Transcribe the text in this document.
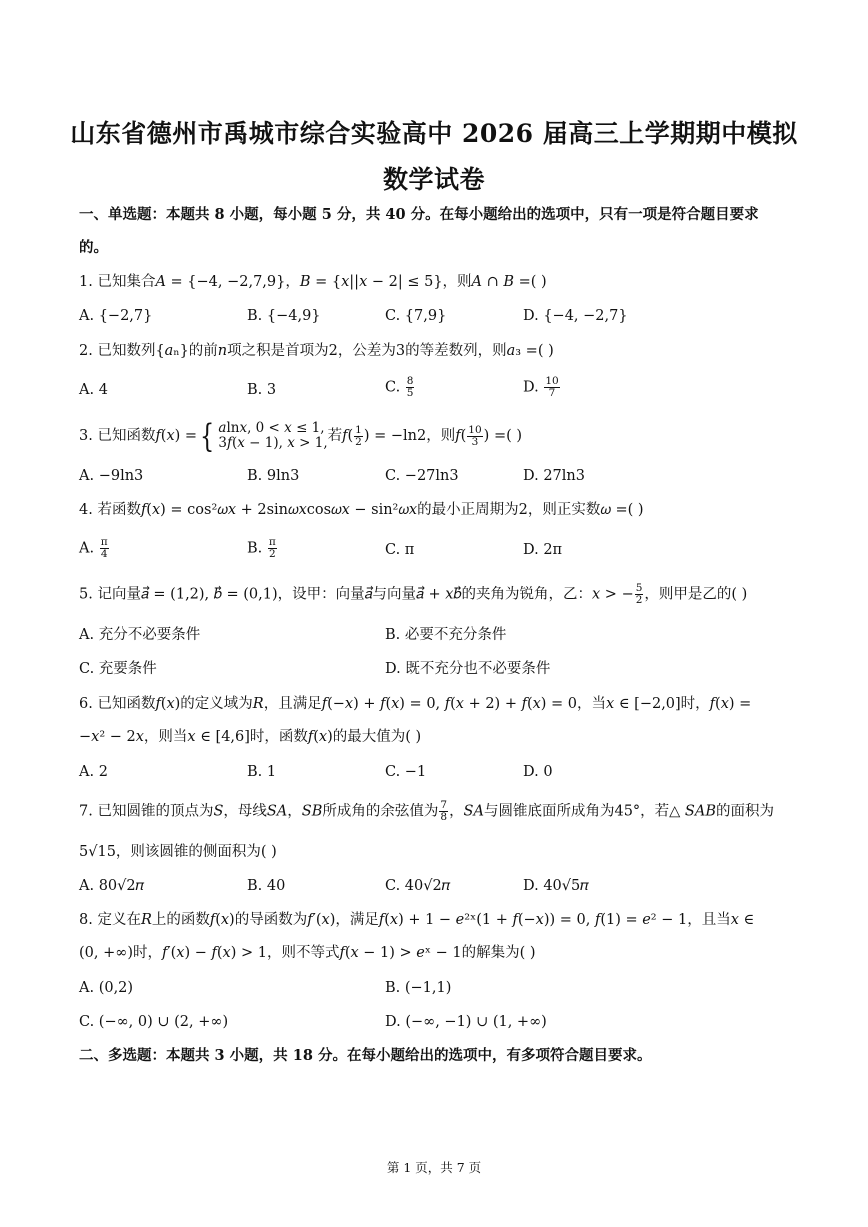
山东省德州市禹城市综合实验高中 2026 届高三上学期期中模拟
数学试卷
一、单选题：本题共 8 小题，每小题 5 分，共 40 分。在每小题给出的选项中，只有一项是符合题目要求
的。
1. 已知集合𝐴 = {−4, −2,7,9}，𝐵 = {𝑥||𝑥 − 2| ≤ 5}，则𝐴 ∩ 𝐵 =( )
A. {−2,7}	B. {−4,9}	C. {7,9}	D. {−4, −2,7}
2. 已知数列{𝑎ₙ}的前𝑛项之积是首项为2，公差为3的等差数列，则𝑎₃ =( )
A. 4	B. 3	C. $\frac{8}{5}$	D. $\frac{10}{7}$
3. 已知函数𝑓(𝑥) ={ 𝑎ln𝑥, 0 < 𝑥 ≤ 1,
3𝑓(𝑥 − 1), 𝑥 > 1, 若𝑓( $\frac{1}{2}$ ) = −ln2，则𝑓( $\frac{10}{3}$ ) =( )
A. −9ln3	B. 9ln3	C. −27ln3	D. 27ln3
4. 若函数𝑓(𝑥) = cos²𝜔𝑥 + 2sin𝜔𝑥cos𝜔𝑥 − sin²𝜔𝑥的最小正周期为2，则正实数𝜔 =( )
A. $\frac{\pi}{4}$	B. $\frac{\pi}{2}$	C. π	D. 2π
5. 记向量𝑎⃗ = (1,2), 𝑏⃗ = (0,1)，设甲：向量𝑎⃗与向量𝑎⃗ + 𝑥𝑏⃗的夹角为锐角，乙：𝑥 > − $\frac{5}{2}$ ，则甲是乙的( )
A. 充分不必要条件	B. 必要不充分条件
C. 充要条件	D. 既不充分也不必要条件
6. 已知函数𝑓(𝑥)的定义域为𝑅，且满足𝑓(−𝑥) + 𝑓(𝑥) = 0, 𝑓(𝑥 + 2) + 𝑓(𝑥) = 0，当𝑥 ∈ [−2,0]时，𝑓(𝑥) =
−𝑥² − 2𝑥，则当𝑥 ∈ [4,6]时，函数𝑓(𝑥)的最大值为( )
A. 2	B. 1	C. −1	D. 0
7. 已知圆锥的顶点为𝑆，母线𝑆𝐴，𝑆𝐵所成角的余弦值为 $\frac{7}{8}$ ，𝑆𝐴与圆锥底面所成角为45°，若△ 𝑆𝐴𝐵的面积为
5√15，则该圆锥的侧面积为( )
A. 80√2𝜋	B. 40	C. 40√2𝜋	D. 40√5𝜋
8. 定义在𝑅上的函数𝑓(𝑥)的导函数为𝑓′(𝑥)，满足𝑓(𝑥) + 1 − 𝑒²ˣ(1 + 𝑓(−𝑥)) = 0, 𝑓(1) = 𝑒² − 1，且当𝑥 ∈
(0, +∞)时，𝑓′(𝑥) − 𝑓(𝑥) > 1，则不等式𝑓(𝑥 − 1) > 𝑒ˣ − 1的解集为( )
A. (0,2)	B. (−1,1)
C. (−∞, 0) ∪ (2, +∞)	D. (−∞, −1) ∪ (1, +∞)
二、多选题：本题共 3 小题，共 18 分。在每小题给出的选项中，有多项符合题目要求。
第 1 页，共 7 页
